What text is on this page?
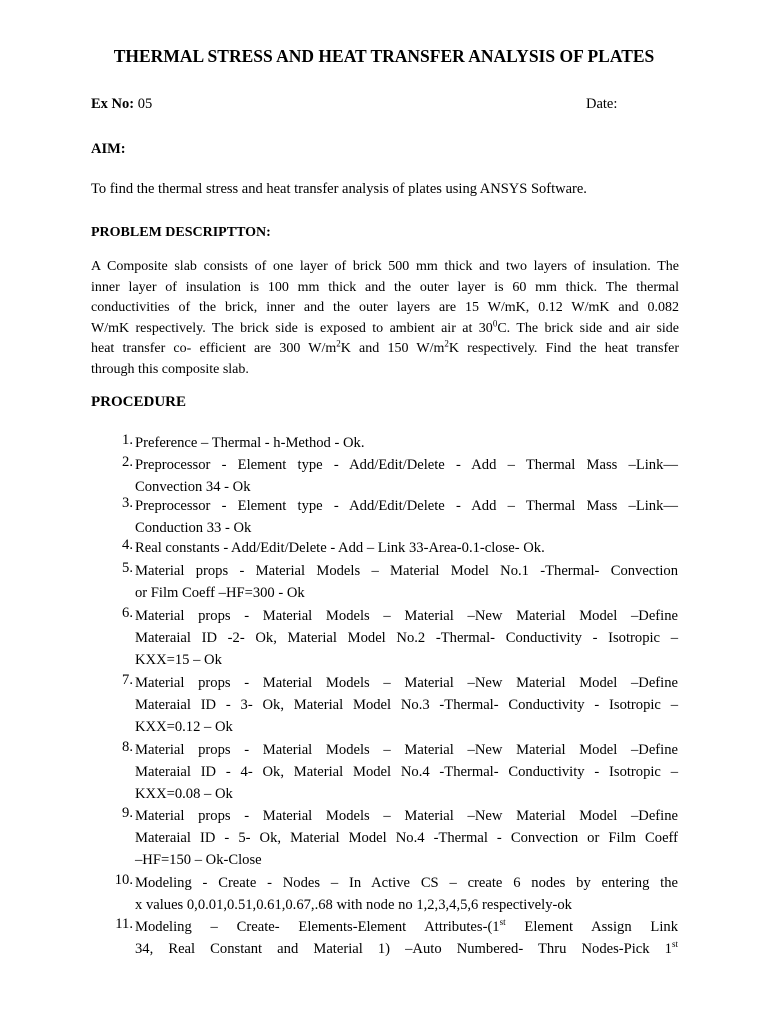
THERMAL STRESS AND HEAT TRANSFER ANALYSIS OF PLATES
Ex No: 05	Date:
AIM:
To find the thermal stress and heat transfer analysis of plates using ANSYS Software.
PROBLEM DESCRIPTTON:
A Composite slab consists of one layer of brick 500 mm thick and two layers of insulation. The
inner layer of insulation is 100 mm thick and the outer layer is 60 mm thick. The thermal
conductivities of the brick, inner and the outer layers are 15 W/mK, 0.12 W/mK and 0.082
W/mK respectively. The brick side is exposed to ambient air at $30^0C$. The brick side and air side
heat transfer co- efficient are 300 $W/m^2K$ and 150 $W/m^2K$ respectively. Find the heat transfer
through this composite slab.
PROCEDURE
1. Preference – Thermal - h-Method - Ok.
2. Preprocessor - Element type - Add/Edit/Delete - Add – Thermal Mass –Link—
Convection 34 - Ok
3. Preprocessor - Element type - Add/Edit/Delete - Add – Thermal Mass –Link—
Conduction 33 - Ok
4. Real constants - Add/Edit/Delete - Add – Link 33-Area-0.1-close- Ok.
5. Material props - Material Models – Material Model No.1 -Thermal- Convection
or Film Coeff –HF=300 - Ok
6. Material props - Material Models – Material –New Material Model –Define
Materaial ID -2- Ok, Material Model No.2 -Thermal- Conductivity - Isotropic –
KXX=15 – Ok
7. Material props - Material Models – Material –New Material Model –Define
Materaial ID - 3- Ok, Material Model No.3 -Thermal- Conductivity - Isotropic –
KXX=0.12 – Ok
8. Material props - Material Models – Material –New Material Model –Define
Materaial ID - 4- Ok, Material Model No.4 -Thermal- Conductivity - Isotropic –
KXX=0.08 – Ok
9. Material props - Material Models – Material –New Material Model –Define
Materaial ID - 5- Ok, Material Model No.4 -Thermal - Convection or Film Coeff
–HF=150 – Ok-Close
10. Modeling - Create - Nodes – In Active CS – create 6 nodes by entering the
x values 0,0.01,0.51,0.61,0.67,.68 with node no 1,2,3,4,5,6 respectively-ok
11. Modeling – Create- Elements-Element Attributes-(1st Element Assign Link
34, Real Constant and Material 1) –Auto Numbered- Thru Nodes-Pick 1st
